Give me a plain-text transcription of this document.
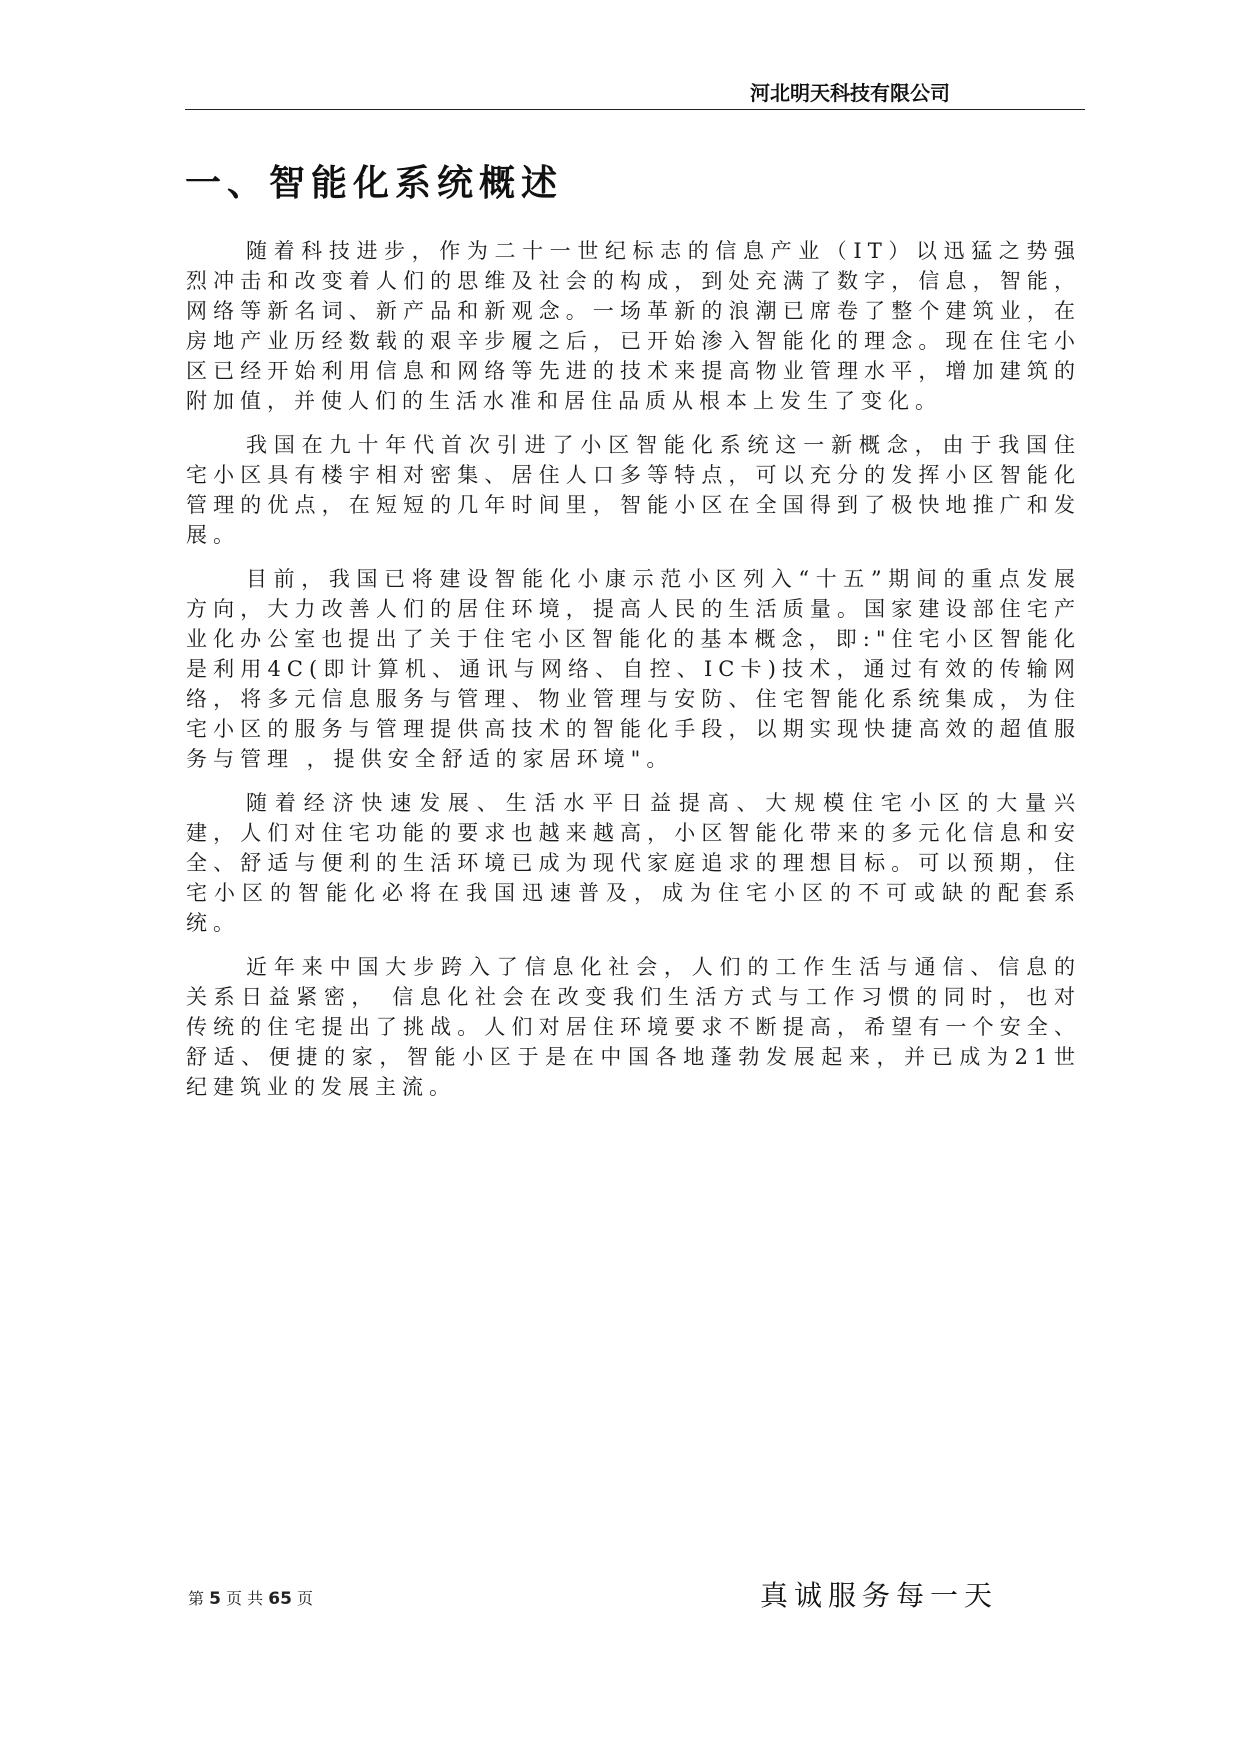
河北明天科技有限公司
一、智能化系统概述

随着科技进步，作为二十一世纪标志的信息产业（IT）以迅猛之势强烈冲击和改变着人们的思维及社会的构成，到处充满了数字，信息，智能，网络等新名词、新产品和新观念。一场革新的浪潮已席卷了整个建筑业，在房地产业历经数载的艰辛步履之后，已开始渗入智能化的理念。现在住宅小区已经开始利用信息和网络等先进的技术来提高物业管理水平，增加建筑的附加值，并使人们的生活水准和居住品质从根本上发生了变化。

我国在九十年代首次引进了小区智能化系统这一新概念，由于我国住宅小区具有楼宇相对密集、居住人口多等特点，可以充分的发挥小区智能化管理的优点，在短短的几年时间里，智能小区在全国得到了极快地推广和发展。

目前，我国已将建设智能化小康示范小区列入“十五”期间的重点发展方向，大力改善人们的居住环境，提高人民的生活质量。国家建设部住宅产业化办公室也提出了关于住宅小区智能化的基本概念，即:"住宅小区智能化是利用4C(即计算机、通讯与网络、自控、IC卡)技术，通过有效的传输网络，将多元信息服务与管理、物业管理与安防、住宅智能化系统集成，为住宅小区的服务与管理提供高技术的智能化手段，以期实现快捷高效的超值服务与管理 ，提供安全舒适的家居环境"。

随着经济快速发展、生活水平日益提高、大规模住宅小区的大量兴建，人们对住宅功能的要求也越来越高，小区智能化带来的多元化信息和安全、舒适与便利的生活环境已成为现代家庭追求的理想目标。可以预期，住宅小区的智能化必将在我国迅速普及，成为住宅小区的不可或缺的配套系统。

近年来中国大步跨入了信息化社会，人们的工作生活与通信、信息的关系日益紧密， 信息化社会在改变我们生活方式与工作习惯的同时，也对传统的住宅提出了挑战。人们对居住环境要求不断提高，希望有一个安全、舒适、便捷的家，智能小区于是在中国各地蓬勃发展起来，并已成为21世纪建筑业的发展主流。

第 5 页 共 65 页	真诚服务每一天
